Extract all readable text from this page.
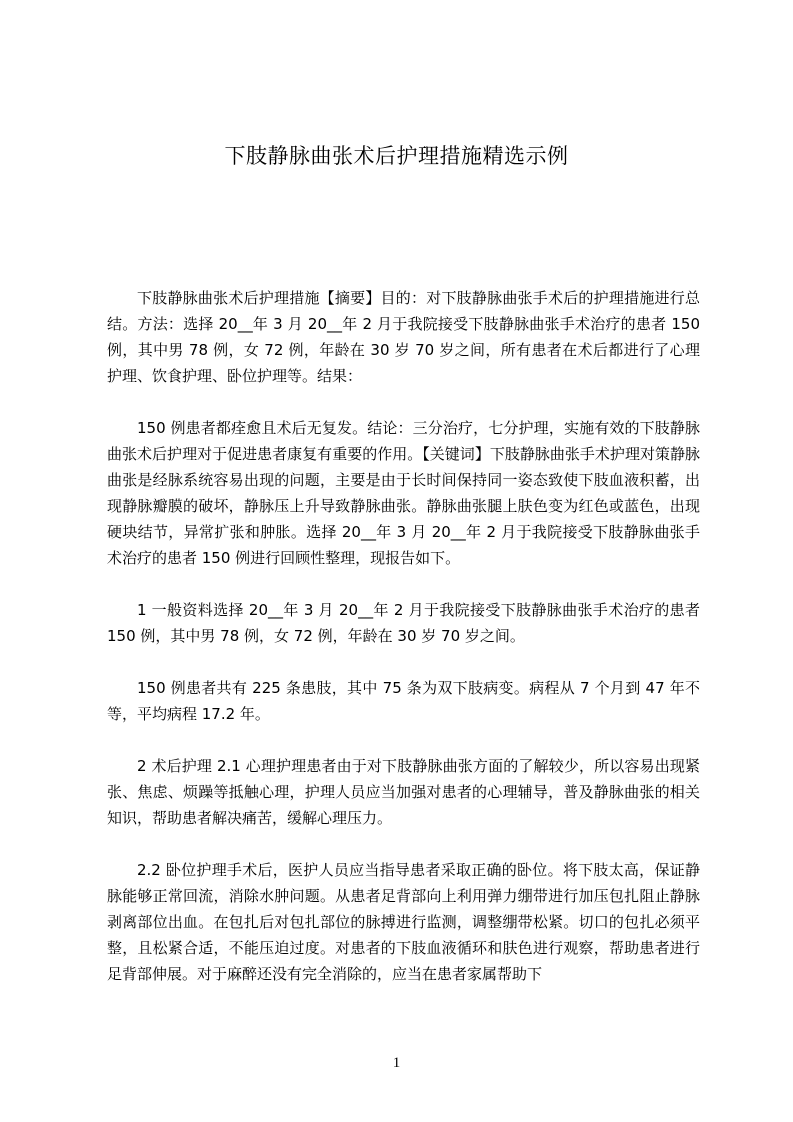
下肢静脉曲张术后护理措施精选示例

下肢静脉曲张术后护理措施【摘要】目的：对下肢静脉曲张手术后的护理措施进行总结。方法：选择 20__年 3 月 20__年 2 月于我院接受下肢静脉曲张手术治疗的患者 150 例，其中男 78 例，女 72 例，年龄在 30 岁 70 岁之间，所有患者在术后都进行了心理护理、饮食护理、卧位护理等。结果：

150 例患者都痊愈且术后无复发。结论：三分治疗，七分护理，实施有效的下肢静脉曲张术后护理对于促进患者康复有重要的作用。【关键词】下肢静脉曲张手术护理对策静脉曲张是经脉系统容易出现的问题，主要是由于长时间保持同一姿态致使下肢血液积蓄，出现静脉瓣膜的破坏，静脉压上升导致静脉曲张。静脉曲张腿上肤色变为红色或蓝色，出现硬块结节，异常扩张和肿胀。选择 20__年 3 月 20__年 2 月于我院接受下肢静脉曲张手术治疗的患者 150 例进行回顾性整理，现报告如下。

1 一般资料选择 20__年 3 月 20__年 2 月于我院接受下肢静脉曲张手术治疗的患者 150 例，其中男 78 例，女 72 例，年龄在 30 岁 70 岁之间。

150 例患者共有 225 条患肢，其中 75 条为双下肢病变。病程从 7 个月到 47 年不等，平均病程 17.2 年。

2 术后护理 2.1 心理护理患者由于对下肢静脉曲张方面的了解较少，所以容易出现紧张、焦虑、烦躁等抵触心理，护理人员应当加强对患者的心理辅导，普及静脉曲张的相关知识，帮助患者解决痛苦，缓解心理压力。

2.2 卧位护理手术后，医护人员应当指导患者采取正确的卧位。将下肢太高，保证静脉能够正常回流，消除水肿问题。从患者足背部向上利用弹力绷带进行加压包扎阻止静脉剥离部位出血。在包扎后对包扎部位的脉搏进行监测，调整绷带松紧。切口的包扎必须平整，且松紧合适，不能压迫过度。对患者的下肢血液循环和肤色进行观察，帮助患者进行足背部伸展。对于麻醉还没有完全消除的，应当在患者家属帮助下

1
